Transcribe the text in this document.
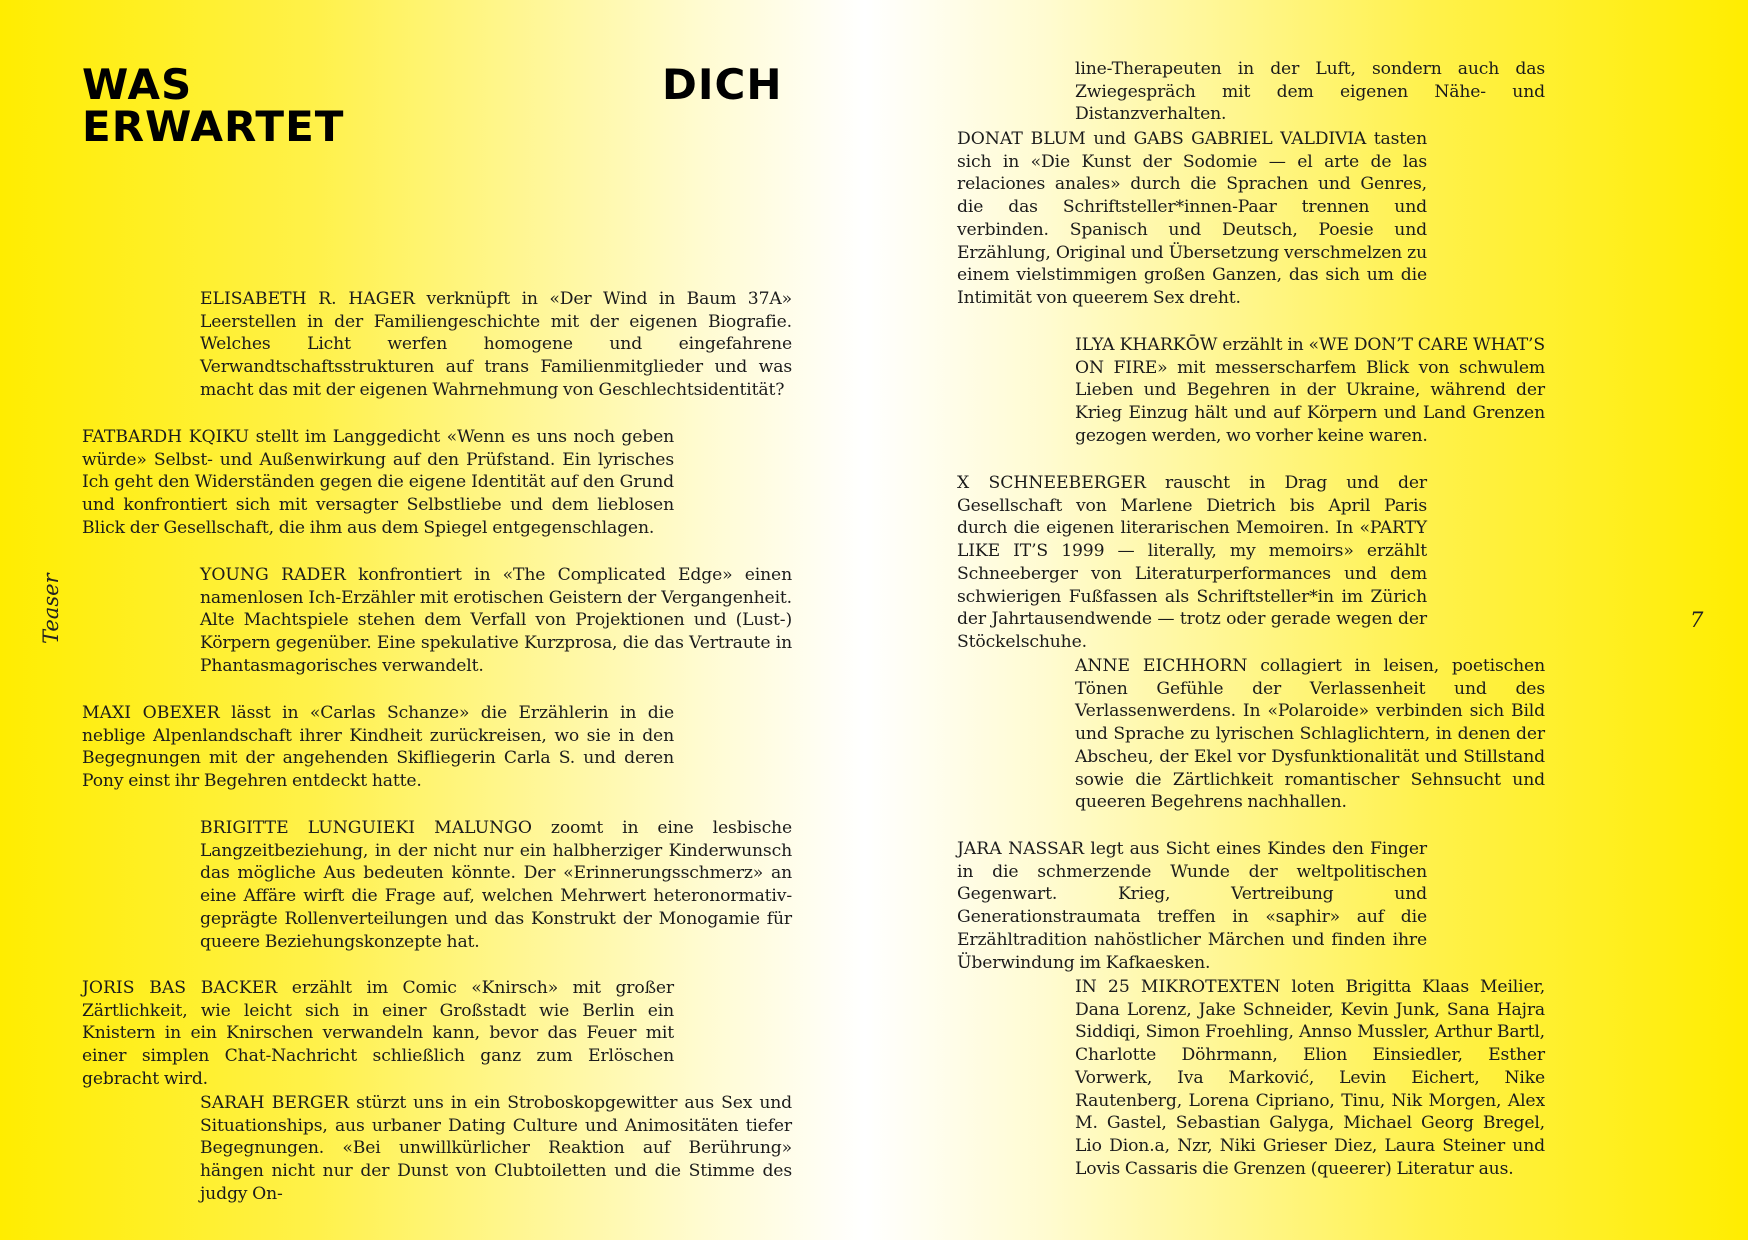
WAS
ERWARTET
DICH
Teaser	7

ELISABETH R. HAGER verknüpft in «Der Wind in Baum 37A» Leerstellen in der Familiengeschichte mit der eigenen Biografie. Welches Licht werfen homogene und eingefahrene Verwandtschaftsstrukturen auf trans Familienmitglieder und was macht das mit der eigenen Wahrnehmung von Geschlechtsidentität?

FATBARDH KQIKU stellt im Langgedicht «Wenn es uns noch geben würde» Selbst- und Außenwirkung auf den Prüfstand. Ein lyrisches Ich geht den Widerständen gegen die eigene Identität auf den Grund und konfrontiert sich mit versagter Selbstliebe und dem lieblosen Blick der Gesellschaft, die ihm aus dem Spiegel entgegenschlagen.

YOUNG RADER konfrontiert in «The Complicated Edge» einen namenlosen Ich-Erzähler mit erotischen Geistern der Vergangenheit. Alte Machtspiele stehen dem Verfall von Projektionen und (Lust-) Körpern gegenüber. Eine spekulative Kurzprosa, die das Vertraute in Phantasmagorisches verwandelt.

MAXI OBEXER lässt in «Carlas Schanze» die Erzählerin in die neblige Alpenlandschaft ihrer Kindheit zurückreisen, wo sie in den Begegnungen mit der angehenden Skifliegerin Carla S. und deren Pony einst ihr Begehren entdeckt hatte.

BRIGITTE LUNGUIEKI MALUNGO zoomt in eine lesbische Langzeitbeziehung, in der nicht nur ein halbherziger Kinderwunsch das mögliche Aus bedeuten könnte. Der «Erinnerungsschmerz» an eine Affäre wirft die Frage auf, welchen Mehrwert heteronormativ-geprägte Rollenverteilungen und das Konstrukt der Monogamie für queere Beziehungskonzepte hat.

JORIS BAS BACKER erzählt im Comic «Knirsch» mit großer Zärtlichkeit, wie leicht sich in einer Großstadt wie Berlin ein Knistern in ein Knirschen verwandeln kann, bevor das Feuer mit einer simplen Chat-Nachricht schließlich ganz zum Erlöschen gebracht wird.

SARAH BERGER stürzt uns in ein Stroboskopgewitter aus Sex und Situationships, aus urbaner Dating Culture und Animositäten tiefer Begegnungen. «Bei unwillkürlicher Reaktion auf Berührung» hängen nicht nur der Dunst von Clubtoiletten und die Stimme des judgy On-

line-Therapeuten in der Luft, sondern auch das Zwiegespräch mit dem eigenen Nähe- und Distanzverhalten.

DONAT BLUM und GABS GABRIEL VALDIVIA tasten sich in «Die Kunst der Sodomie — el arte de las relaciones anales» durch die Sprachen und Genres, die das Schriftsteller*innen-Paar trennen und verbinden. Spanisch und Deutsch, Poesie und Erzählung, Original und Übersetzung verschmelzen zu einem vielstimmigen großen Ganzen, das sich um die Intimität von queerem Sex dreht.

ILYA KHARKŌW erzählt in «WE DON’T CARE WHAT’S ON FIRE» mit messerscharfem Blick von schwulem Lieben und Begehren in der Ukraine, während der Krieg Einzug hält und auf Körpern und Land Grenzen gezogen werden, wo vorher keine waren.

X SCHNEEBERGER rauscht in Drag und der Gesellschaft von Marlene Dietrich bis April Paris durch die eigenen literarischen Memoiren. In «PARTY LIKE IT’S 1999 — literally, my memoirs» erzählt Schneeberger von Literaturperformances und dem schwierigen Fußfassen als Schriftsteller*in im Zürich der Jahrtausendwende — trotz oder gerade wegen der Stöckelschuhe.

ANNE EICHHORN collagiert in leisen, poetischen Tönen Gefühle der Verlassenheit und des Verlassenwerdens. In «Polaroide» verbinden sich Bild und Sprache zu lyrischen Schlaglichtern, in denen der Abscheu, der Ekel vor Dysfunktionalität und Stillstand sowie die Zärtlichkeit romantischer Sehnsucht und queeren Begehrens nachhallen.

JARA NASSAR legt aus Sicht eines Kindes den Finger in die schmerzende Wunde der weltpolitischen Gegenwart. Krieg, Vertreibung und Generationstraumata treffen in «saphir» auf die Erzähltradition nahöstlicher Märchen und finden ihre Überwindung im Kafkaesken.

IN 25 MIKROTEXTEN loten Brigitta Klaas Meilier, Dana Lorenz, Jake Schneider, Kevin Junk, Sana Hajra Siddiqi, Simon Froehling, Annso Mussler, Arthur Bartl, Charlotte Döhrmann, Elion Einsiedler, Esther Vorwerk, Iva Marković, Levin Eichert, Nike Rautenberg, Lorena Cipriano, Tinu, Nik Morgen, Alex M. Gastel, Sebastian Galyga, Michael Georg Bregel, Lio Dion.a, Nzr, Niki Grieser Diez, Laura Steiner und Lovis Cassaris die Grenzen (queerer) Literatur aus.
